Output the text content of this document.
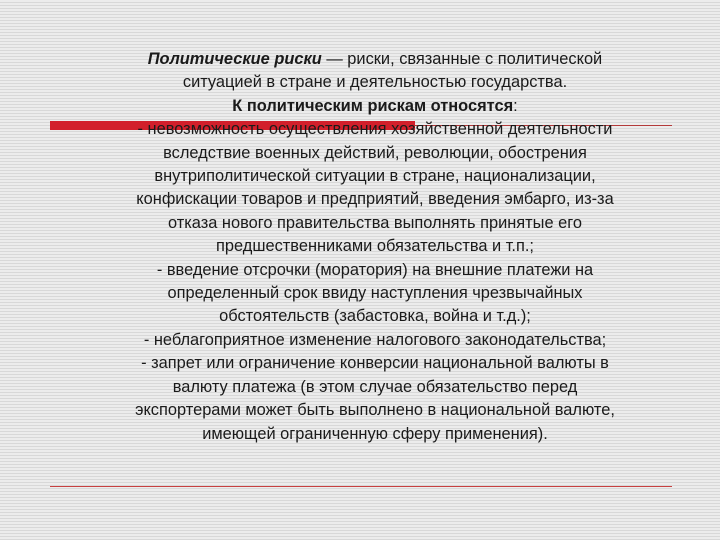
Политические риски — риски, связанные с политической
ситуацией в стране и деятельностью государства.
К политическим рискам относятся:
- невозможность осуществления хозяйственной деятельности
вследствие военных действий, революции, обострения
внутриполитической ситуации в стране, национализации,
конфискации товаров и предприятий, введения эмбарго, из-за
отказа нового правительства выполнять принятые его
предшественниками обязательства и т.п.;
- введение отсрочки (моратория) на внешние платежи на
определенный срок ввиду наступления чрезвычайных
обстоятельств (забастовка, война и т.д.);
- неблагоприятное изменение налогового законодательства;
- запрет или ограничение конверсии национальной валюты в
валюту платежа (в этом случае обязательство перед
экспортерами может быть выполнено в национальной валюте,
имеющей ограниченную сферу применения).
